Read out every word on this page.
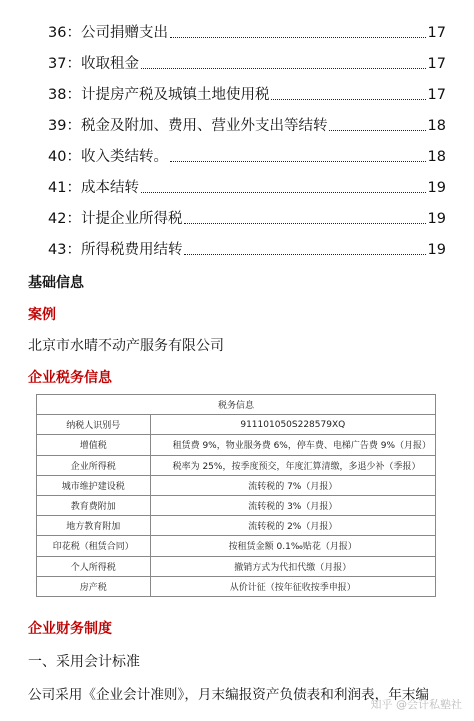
36：公司捐赠支出	17
37：收取租金	17
38：计提房产税及城镇土地使用税	17
39：税金及附加、费用、营业外支出等结转	18
40：收入类结转。	18
41：成本结转	19
42：计提企业所得税	19
43：所得税费用结转	19
基础信息
案例
北京市水晴不动产服务有限公司
企业税务信息
税务信息	
纳税人识别号	911101050S228579XQ
增值税	租赁费 9%，物业服务费 6%，停车费、电梯广告费 9%（月报）
企业所得税	税率为 25%，按季度预交，年度汇算清缴，多退少补（季报）
城市维护建设税	流转税的 7%（月报）
教育费附加	流转税的 3%（月报）
地方教育附加	流转税的 2%（月报）
印花税（租赁合同）	按租赁金额 0.1‰贴花（月报）
个人所得税	撤销方式为代扣代缴（月报）
房产税	从价计征（按年征收按季申报）
企业财务制度
一、采用会计标准
公司采用《企业会计准则》，月末编报资产负债表和利润表，年末编
知乎 @会计私塾社
